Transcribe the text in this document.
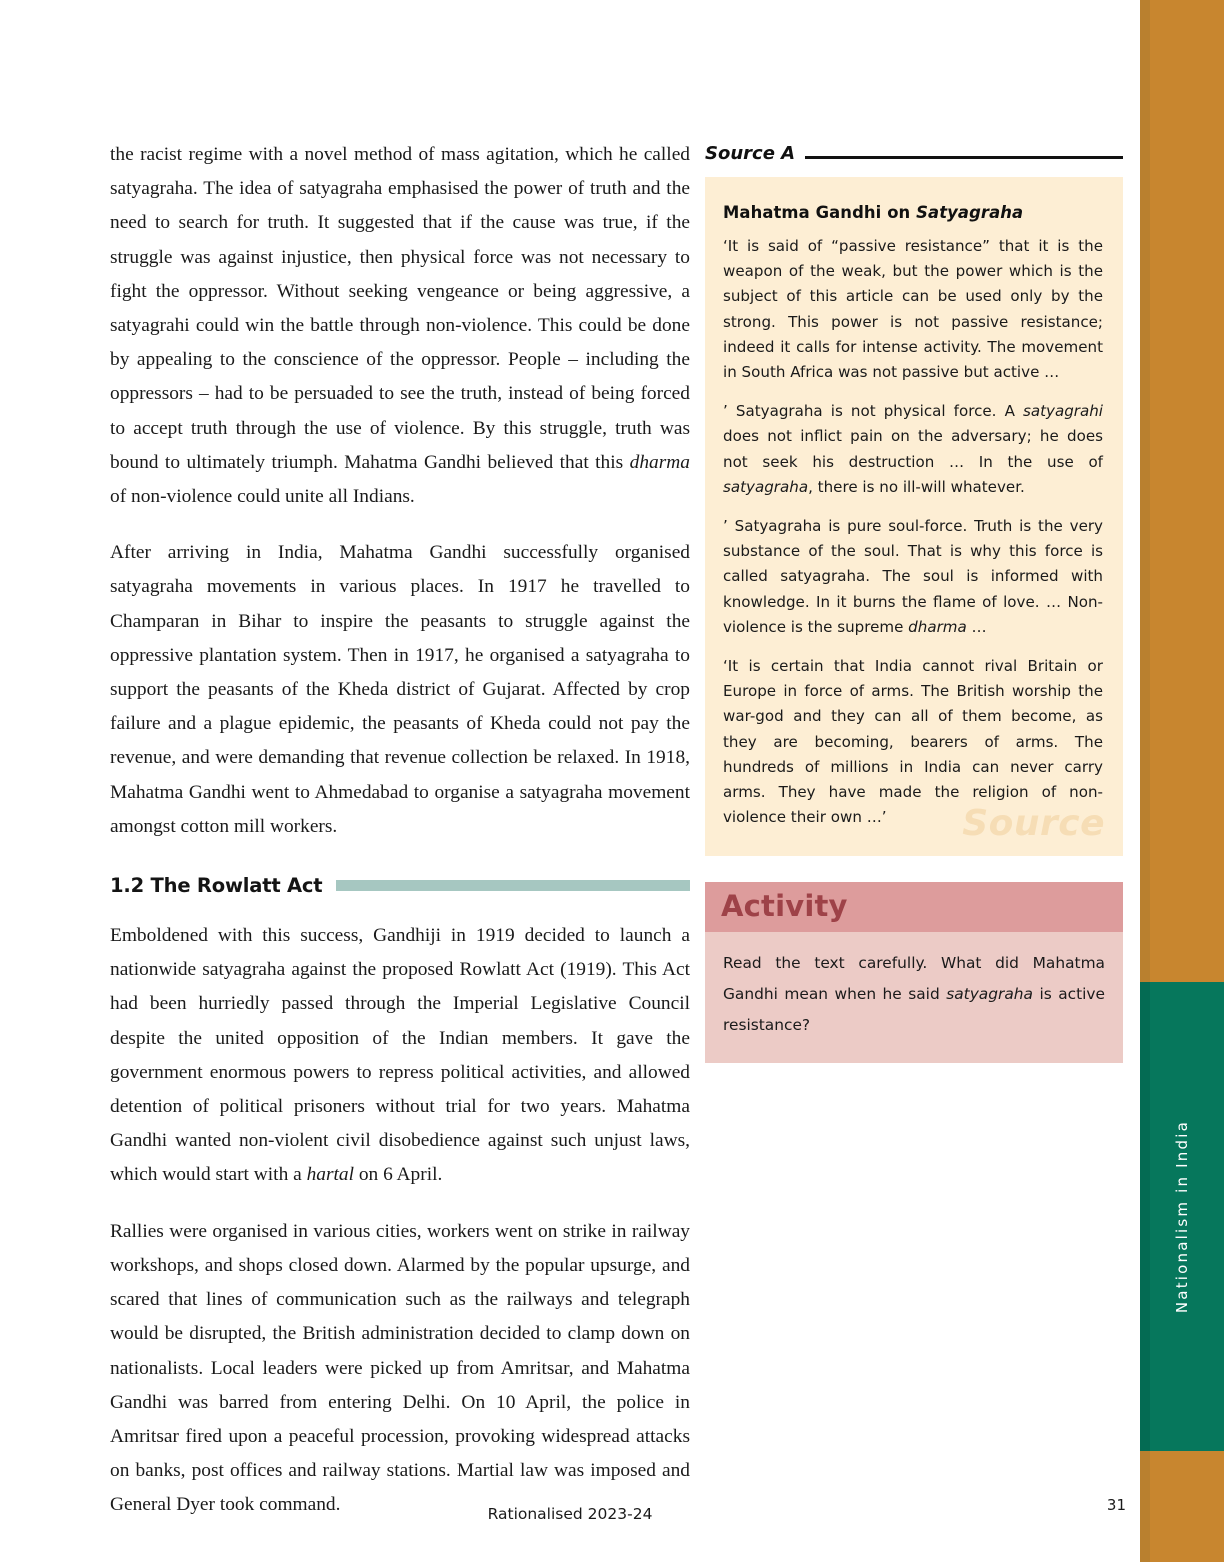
Nationalism in India

the racist regime with a novel method of mass agitation, which he called satyagraha. The idea of satyagraha emphasised the power of truth and the need to search for truth. It suggested that if the cause was true, if the struggle was against injustice, then physical force was not necessary to fight the oppressor. Without seeking vengeance or being aggressive, a satyagrahi could win the battle through non-violence. This could be done by appealing to the conscience of the oppressor. People – including the oppressors – had to be persuaded to see the truth, instead of being forced to accept truth through the use of violence. By this struggle, truth was bound to ultimately triumph. Mahatma Gandhi believed that this dharma of non-violence could unite all Indians.

After arriving in India, Mahatma Gandhi successfully organised satyagraha movements in various places. In 1917 he travelled to Champaran in Bihar to inspire the peasants to struggle against the oppressive plantation system. Then in 1917, he organised a satyagraha to support the peasants of the Kheda district of Gujarat. Affected by crop failure and a plague epidemic, the peasants of Kheda could not pay the revenue, and were demanding that revenue collection be relaxed. In 1918, Mahatma Gandhi went to Ahmedabad to organise a satyagraha movement amongst cotton mill workers.

1.2 The Rowlatt Act

Emboldened with this success, Gandhiji in 1919 decided to launch a nationwide satyagraha against the proposed Rowlatt Act (1919). This Act had been hurriedly passed through the Imperial Legislative Council despite the united opposition of the Indian members. It gave the government enormous powers to repress political activities, and allowed detention of political prisoners without trial for two years. Mahatma Gandhi wanted non-violent civil disobedience against such unjust laws, which would start with a hartal on 6 April.

Rallies were organised in various cities, workers went on strike in railway workshops, and shops closed down. Alarmed by the popular upsurge, and scared that lines of communication such as the railways and telegraph would be disrupted, the British administration decided to clamp down on nationalists. Local leaders were picked up from Amritsar, and Mahatma Gandhi was barred from entering Delhi. On 10 April, the police in Amritsar fired upon a peaceful procession, provoking widespread attacks on banks, post offices and railway stations. Martial law was imposed and General Dyer took command.

Source A
Mahatma Gandhi on Satyagraha

‘It is said of “passive resistance” that it is the weapon of the weak, but the power which is the subject of this article can be used only by the strong. This power is not passive resistance; indeed it calls for intense activity. The movement in South Africa was not passive but active …

’ Satyagraha is not physical force. A satyagrahi does not inflict pain on the adversary; he does not seek his destruction … In the use of satyagraha, there is no ill-will whatever.

’ Satyagraha is pure soul-force. Truth is the very substance of the soul. That is why this force is called satyagraha. The soul is informed with knowledge. In it burns the flame of love. … Non-violence is the supreme dharma …

‘It is certain that India cannot rival Britain or Europe in force of arms. The British worship the war-god and they can all of them become, as they are becoming, bearers of arms. The hundreds of millions in India can never carry arms. They have made the religion of non-violence their own …’	Source
Activity

Read the text carefully. What did Mahatma Gandhi mean when he said satyagraha is active resistance?

31
Rationalised 2023-24
